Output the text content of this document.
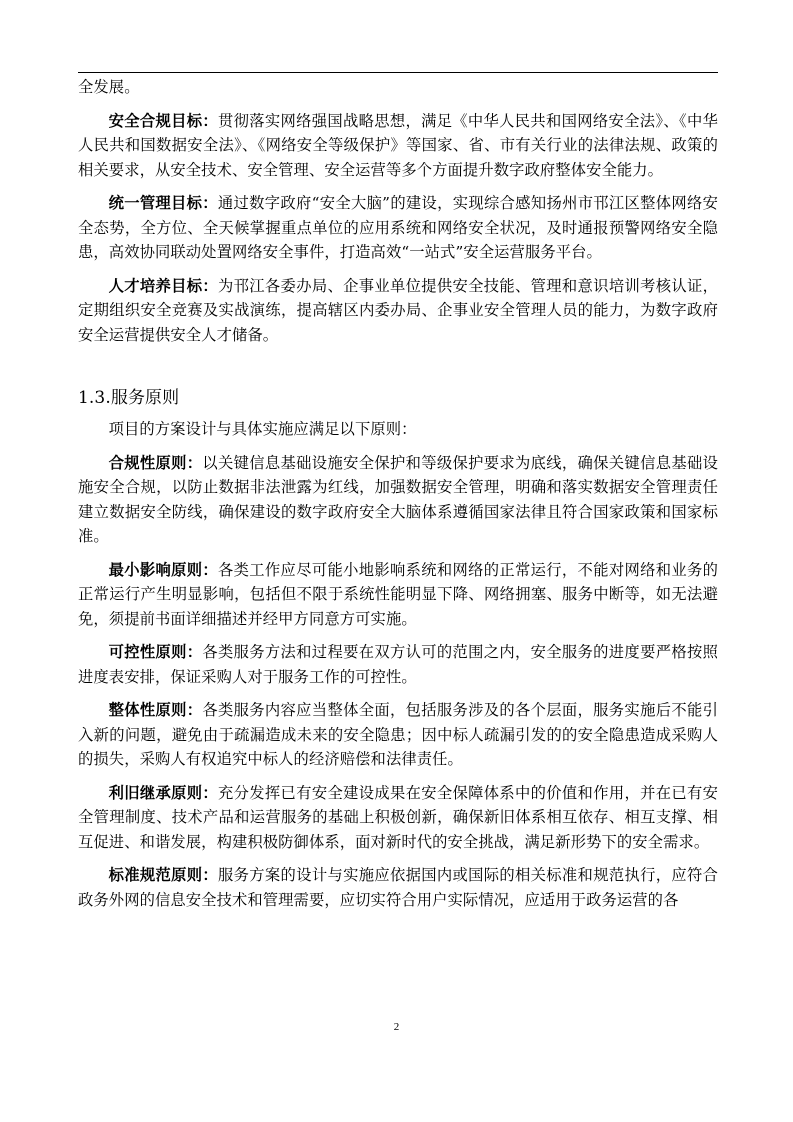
全发展。

安全合规目标：贯彻落实网络强国战略思想，满足《中华人民共和国网络安全法》、《中华人民共和国数据安全法》、《网络安全等级保护》等国家、省、市有关行业的法律法规、政策的相关要求，从安全技术、安全管理、安全运营等多个方面提升数字政府整体安全能力。

统一管理目标：通过数字政府“安全大脑”的建设，实现综合感知扬州市邗江区整体网络安全态势，全方位、全天候掌握重点单位的应用系统和网络安全状况，及时通报预警网络安全隐患，高效协同联动处置网络安全事件，打造高效“一站式”安全运营服务平台。

人才培养目标：为邗江各委办局、企事业单位提供安全技能、管理和意识培训考核认证，定期组织安全竞赛及实战演练，提高辖区内委办局、企事业安全管理人员的能力，为数字政府安全运营提供安全人才储备。

1.3.服务原则

项目的方案设计与具体实施应满足以下原则：

合规性原则：以关键信息基础设施安全保护和等级保护要求为底线，确保关键信息基础设施安全合规，以防止数据非法泄露为红线，加强数据安全管理，明确和落实数据安全管理责任建立数据安全防线，确保建设的数字政府安全大脑体系遵循国家法律且符合国家政策和国家标准。

最小影响原则：各类工作应尽可能小地影响系统和网络的正常运行，不能对网络和业务的正常运行产生明显影响，包括但不限于系统性能明显下降、网络拥塞、服务中断等，如无法避免，须提前书面详细描述并经甲方同意方可实施。

可控性原则：各类服务方法和过程要在双方认可的范围之内，安全服务的进度要严格按照进度表安排，保证采购人对于服务工作的可控性。

整体性原则：各类服务内容应当整体全面，包括服务涉及的各个层面，服务实施后不能引入新的问题，避免由于疏漏造成未来的安全隐患；因中标人疏漏引发的的安全隐患造成采购人的损失，采购人有权追究中标人的经济赔偿和法律责任。

利旧继承原则：充分发挥已有安全建设成果在安全保障体系中的价值和作用，并在已有安全管理制度、技术产品和运营服务的基础上积极创新，确保新旧体系相互依存、相互支撑、相互促进、和谐发展，构建积极防御体系，面对新时代的安全挑战，满足新形势下的安全需求。

标准规范原则：服务方案的设计与实施应依据国内或国际的相关标准和规范执行，应符合政务外网的信息安全技术和管理需要，应切实符合用户实际情况，应适用于政务运营的各

2
